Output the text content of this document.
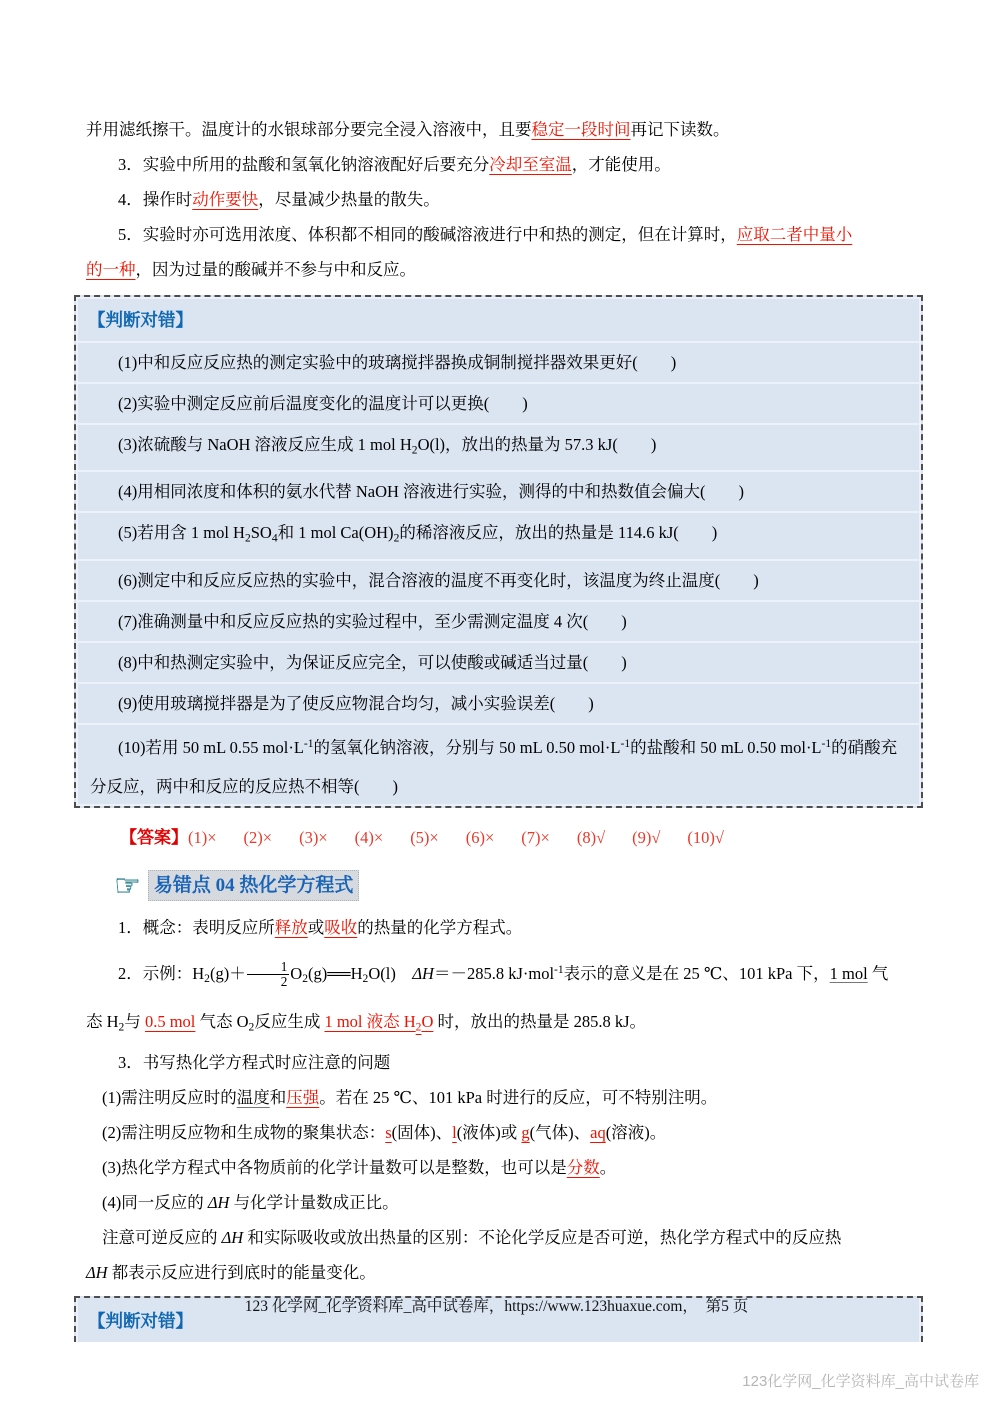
并用滤纸擦干。温度计的水银球部分要完全浸入溶液中，且要稳定一段时间再记下读数。

3．实验中所用的盐酸和氢氧化钠溶液配好后要充分冷却至室温，才能使用。

4．操作时动作要快，尽量减少热量的散失。

5．实验时亦可选用浓度、体积都不相同的酸碱溶液进行中和热的测定，但在计算时，应取二者中量小

的一种，因为过量的酸碱并不参与中和反应。

【判断对错】
(1)中和反应反应热的测定实验中的玻璃搅拌器换成铜制搅拌器效果更好(　　)
(2)实验中测定反应前后温度变化的温度计可以更换(　　)
(3)浓硫酸与 NaOH 溶液反应生成 1 mol $H_2O(l)$，放出的热量为 57.3 kJ(　　)
(4)用相同浓度和体积的氨水代替 NaOH 溶液进行实验，测得的中和热数值会偏大(　　)
(5)若用含 1 mol $H_2SO_4$和 1 mol $Ca(OH)_2$的稀溶液反应，放出的热量是 114.6 kJ(　　)
(6)测定中和反应反应热的实验中，混合溶液的温度不再变化时，该温度为终止温度(　　)
(7)准确测量中和反应反应热的实验过程中，至少需测定温度 4 次(　　)
(8)中和热测定实验中，为保证反应完全，可以使酸或碱适当过量(　　)
(9)使用玻璃搅拌器是为了使反应物混合均匀，减小实验误差(　　)
(10)若用 50 mL 0.55 $mol\cdot L^{-1}$的氢氧化钠溶液，分别与 50 mL 0.50 $mol\cdot L^{-1}$的盐酸和 50 mL 0.50 $mol\cdot L^{-1}$的硝酸充分反应，两中和反应的反应热不相等(　　)
【答案】 (1)× (2)× (3)× (4)× (5)× (6)× (7)× (8)√ (9)√ (10)√
☞ 易错点 04 热化学方程式

1．概念：表明反应所释放或吸收的热量的化学方程式。

2．示例：$H_2(g)+ \frac{1}{2}$ $O_2(g)══H_2O(l)$　ΔH＝－285.8 kJ·mol$^{-1}$表示的意义是在 25 ℃、101 kPa 下，1 mol 气

态 $H_2$与 0.5 mol 气态 $O_2$反应生成 1 mol 液态 $H_2O$ 时，放出的热量是 285.8 kJ。

3．书写热化学方程式时应注意的问题

(1)需注明反应时的温度和压强。若在 25 ℃、101 kPa 时进行的反应，可不特别注明。

(2)需注明反应物和生成物的聚集状态：s(固体)、l(液体)或 g(气体)、aq(溶液)。

(3)热化学方程式中各物质前的化学计量数可以是整数，也可以是分数。

(4)同一反应的 ΔH 与化学计量数成正比。

注意可逆反应的 ΔH 和实际吸收或放出热量的区别：不论化学反应是否可逆，热化学方程式中的反应热

ΔH 都表示反应进行到底时的能量变化。

【判断对错】
123 化学网_化学资料库_高中试卷库，https://www.123huaxue.com，　第5 页
123化学网_化学资料库_高中试卷库
